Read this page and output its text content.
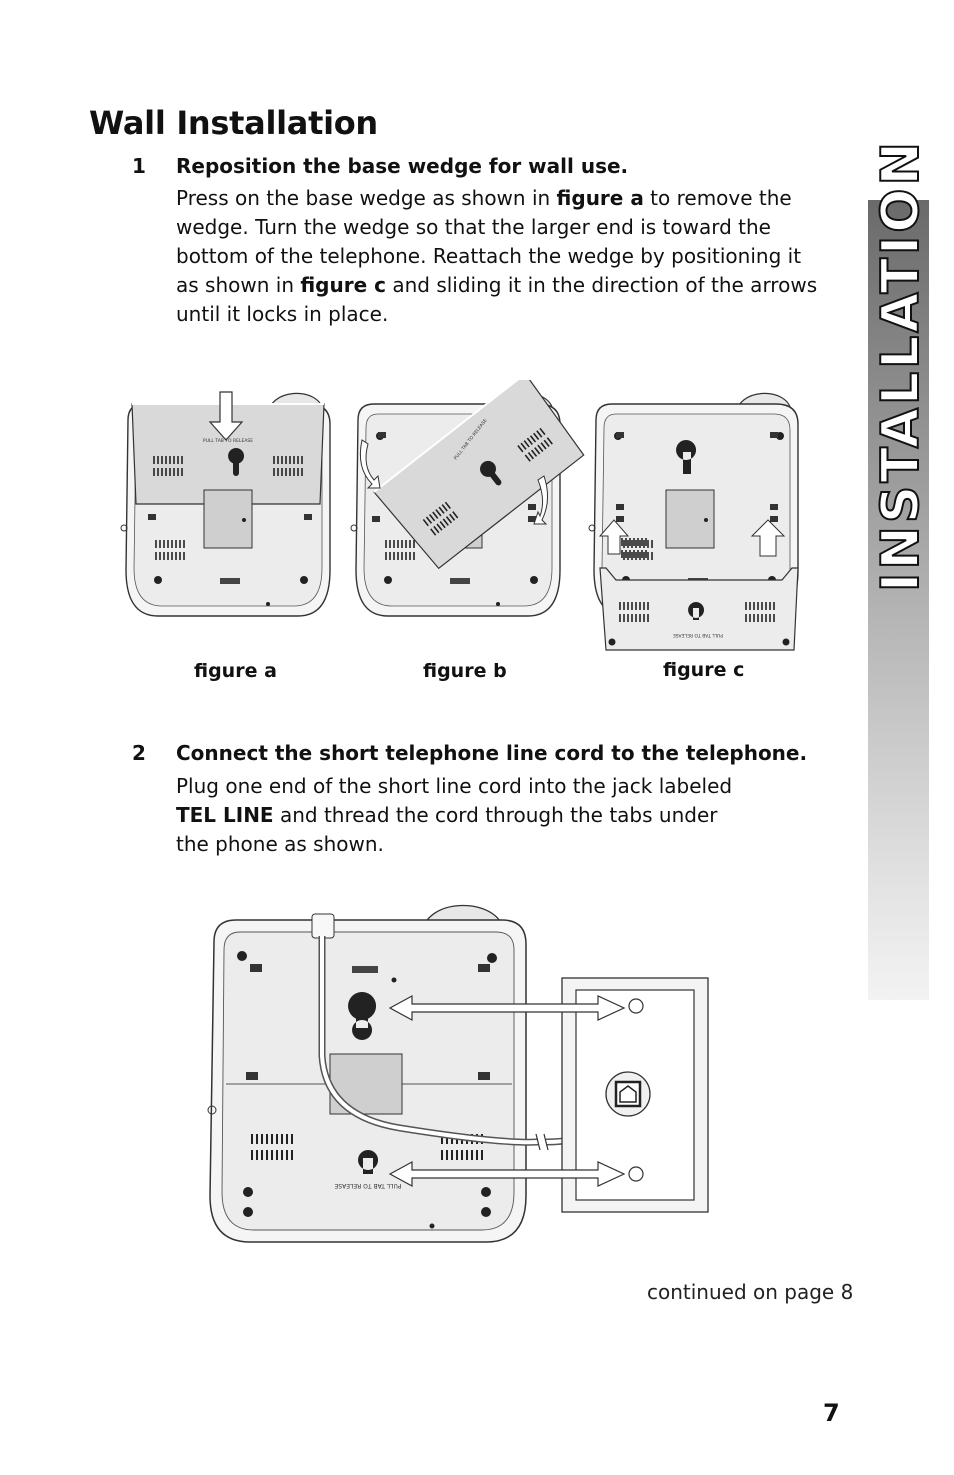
Wall Installation
1 Reposition the base wedge for wall use.
Press on the base wedge as shown in figure a to remove the
wedge. Turn the wedge so that the larger end is toward the
bottom of the telephone. Reattach the wedge by positioning it
as shown in figure c and sliding it in the direction of the arrows
until it locks in place.
PULL TAB TO RELEASE	PULL TAB TO RELEASE
PULL TAB TO RELEASE
figure a	figure b	figure c
2 Connect the short telephone line cord to the telephone.
Plug one end of the short line cord into the jack labeled
TEL LINE and thread the cord through the tabs under
the phone as shown.
PULL TAB TO RELEASE
continued on page 8
7
INSTALLATION
